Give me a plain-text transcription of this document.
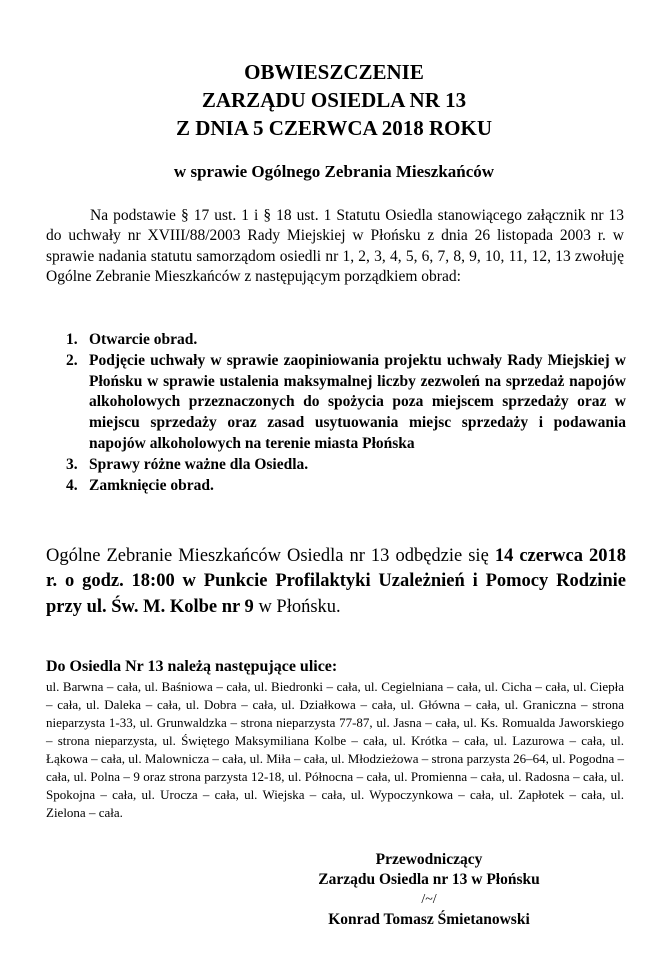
OBWIESZCZENIE
ZARZĄDU OSIEDLA NR 13
Z DNIA 5 CZERWCA 2018 ROKU
w sprawie Ogólnego Zebrania Mieszkańców

Na podstawie § 17 ust. 1 i § 18 ust. 1 Statutu Osiedla stanowiącego załącznik nr 13 do uchwały nr XVIII/88/2003 Rady Miejskiej w Płońsku z dnia 26 listopada 2003 r. w sprawie nadania statutu samorządom osiedli nr 1, 2, 3, 4, 5, 6, 7, 8, 9, 10, 11, 12, 13 zwołuję Ogólne Zebranie Mieszkańców z następującym porządkiem obrad:

1. Otwarcie obrad.
2. Podjęcie uchwały w sprawie zaopiniowania projektu uchwały Rady Miejskiej w Płońsku w sprawie ustalenia maksymalnej liczby zezwoleń na sprzedaż napojów alkoholowych przeznaczonych do spożycia poza miejscem sprzedaży oraz w miejscu sprzedaży oraz zasad usytuowania miejsc sprzedaży i podawania napojów alkoholowych na terenie miasta Płońska
3. Sprawy różne ważne dla Osiedla.
4. Zamknięcie obrad.

Ogólne Zebranie Mieszkańców Osiedla nr 13 odbędzie się 14 czerwca 2018 r. o godz. 18:00 w Punkcie Profilaktyki Uzależnień i Pomocy Rodzinie przy ul. Św. M. Kolbe nr 9 w Płońsku.

Do Osiedla Nr 13 należą następujące ulice:

ul. Barwna – cała, ul. Baśniowa – cała, ul. Biedronki – cała, ul. Cegielniana – cała, ul. Cicha – cała, ul. Ciepła – cała, ul. Daleka – cała, ul. Dobra – cała, ul. Działkowa – cała, ul. Główna – cała, ul. Graniczna – strona nieparzysta 1-33, ul. Grunwaldzka – strona nieparzysta 77-87, ul. Jasna – cała, ul. Ks. Romualda Jaworskiego – strona nieparzysta, ul. Świętego Maksymiliana Kolbe – cała, ul. Krótka – cała, ul. Lazurowa – cała, ul. Łąkowa – cała, ul. Malownicza – cała, ul. Miła – cała, ul. Młodzieżowa – strona parzysta 26–64, ul. Pogodna – cała, ul. Polna – 9 oraz strona parzysta 12-18, ul. Północna – cała, ul. Promienna – cała, ul. Radosna – cała, ul. Spokojna – cała, ul. Urocza – cała, ul. Wiejska – cała, ul. Wypoczynkowa – cała, ul. Zapłotek – cała, ul. Zielona – cała.

Przewodniczący
Zarządu Osiedla nr 13 w Płońsku
/~/
Konrad Tomasz Śmietanowski
